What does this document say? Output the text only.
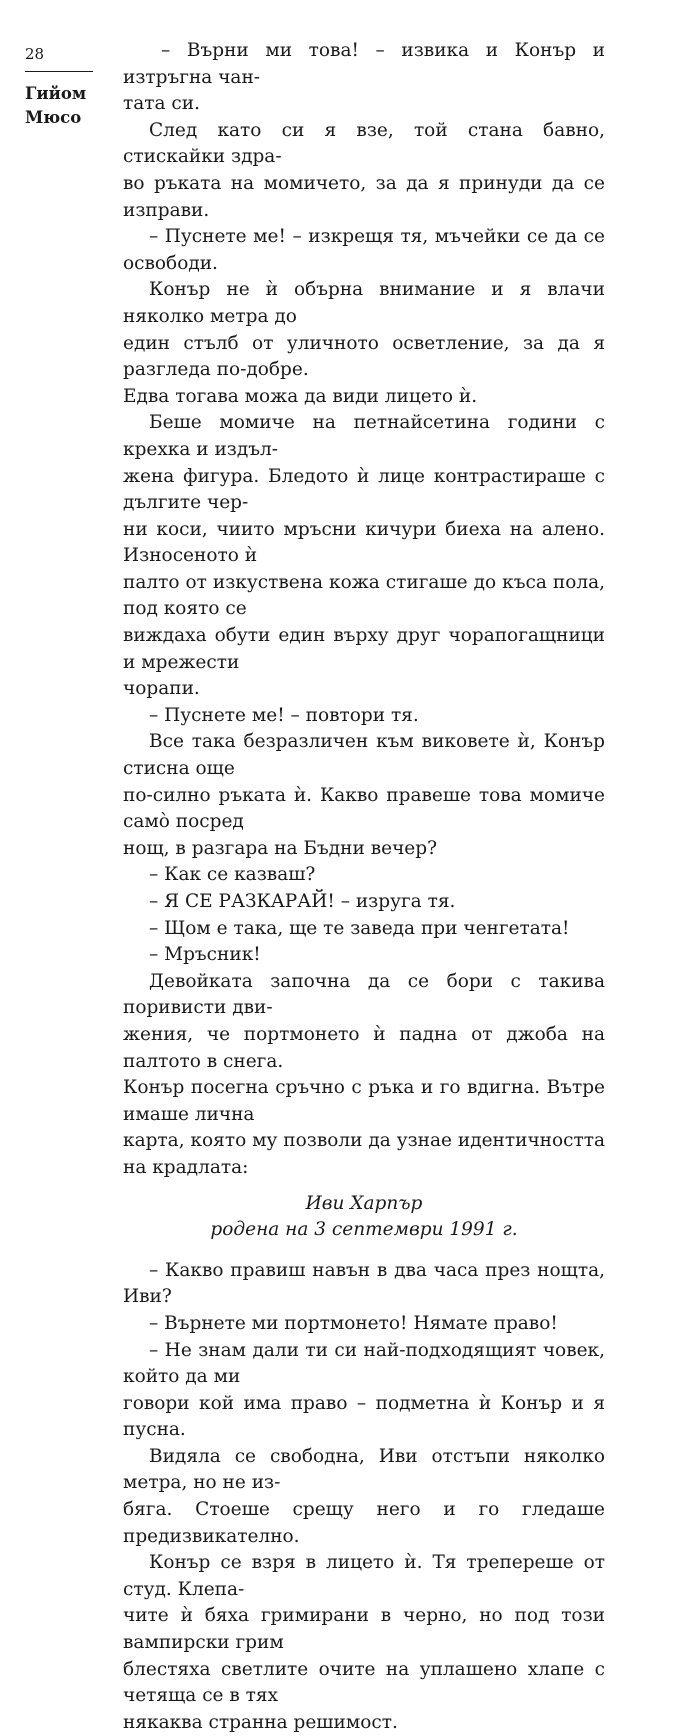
28
Гийом
Мюсо

– Върни ми това! – извика и Конър и изтръгна чан-
тата си.

След като си я взе, той стана бавно, стискайки здра-
во ръката на момичето, за да я принуди да се изправи.

– Пуснете ме! – изкрещя тя, мъчейки се да се освободи.

Конър не ѝ обърна внимание и я влачи няколко метра до
един стълб от уличното осветление, за да я разгледа по-добре.
Едва тогава можа да види лицето ѝ.

Беше момиче на петнайсетина години с крехка и издъл-
жена фигура. Бледото ѝ лице контрастираше с дългите чер-
ни коси, чиито мръсни кичури биеха на алено. Износеното ѝ
палто от изкуствена кожа стигаше до къса пола, под която се
виждаха обути един върху друг чорапогащници и мрежести
чорапи.

– Пуснете ме! – повтори тя.

Все така безразличен към виковете ѝ, Конър стисна още
по-силно ръката ѝ. Какво правеше това момиче само̀ посред
нощ, в разгара на Бъдни вечер?

– Как се казваш?

– Я СЕ РАЗКАРАЙ! – изруга тя.

– Щом е така, ще те заведа при ченгетата!

– Мръсник!

Девойката започна да се бори с такива поривисти дви-
жения, че портмонето ѝ падна от джоба на палтото в снега.
Конър посегна сръчно с ръка и го вдигна. Вътре имаше лична
карта, която му позволи да узнае идентичността на крадлата:

Иви Харпър
родена на 3 септември 1991 г.

– Какво правиш навън в два часа през нощта, Иви?

– Върнете ми портмонето! Нямате право!

– Не знам дали ти си най-подходящият човек, който да ми
говори кой има право – подметна ѝ Конър и я пусна.

Видяла се свободна, Иви отстъпи няколко метра, но не из-
бяга. Стоеше срещу него и го гледаше предизвикателно.

Конър се взря в лицето ѝ. Тя трепереше от студ. Клепа-
чите ѝ бяха гримирани в черно, но под този вампирски грим
блестяха светлите очите на уплашено хлапе с четяща се в тях
някаква странна решимост.
